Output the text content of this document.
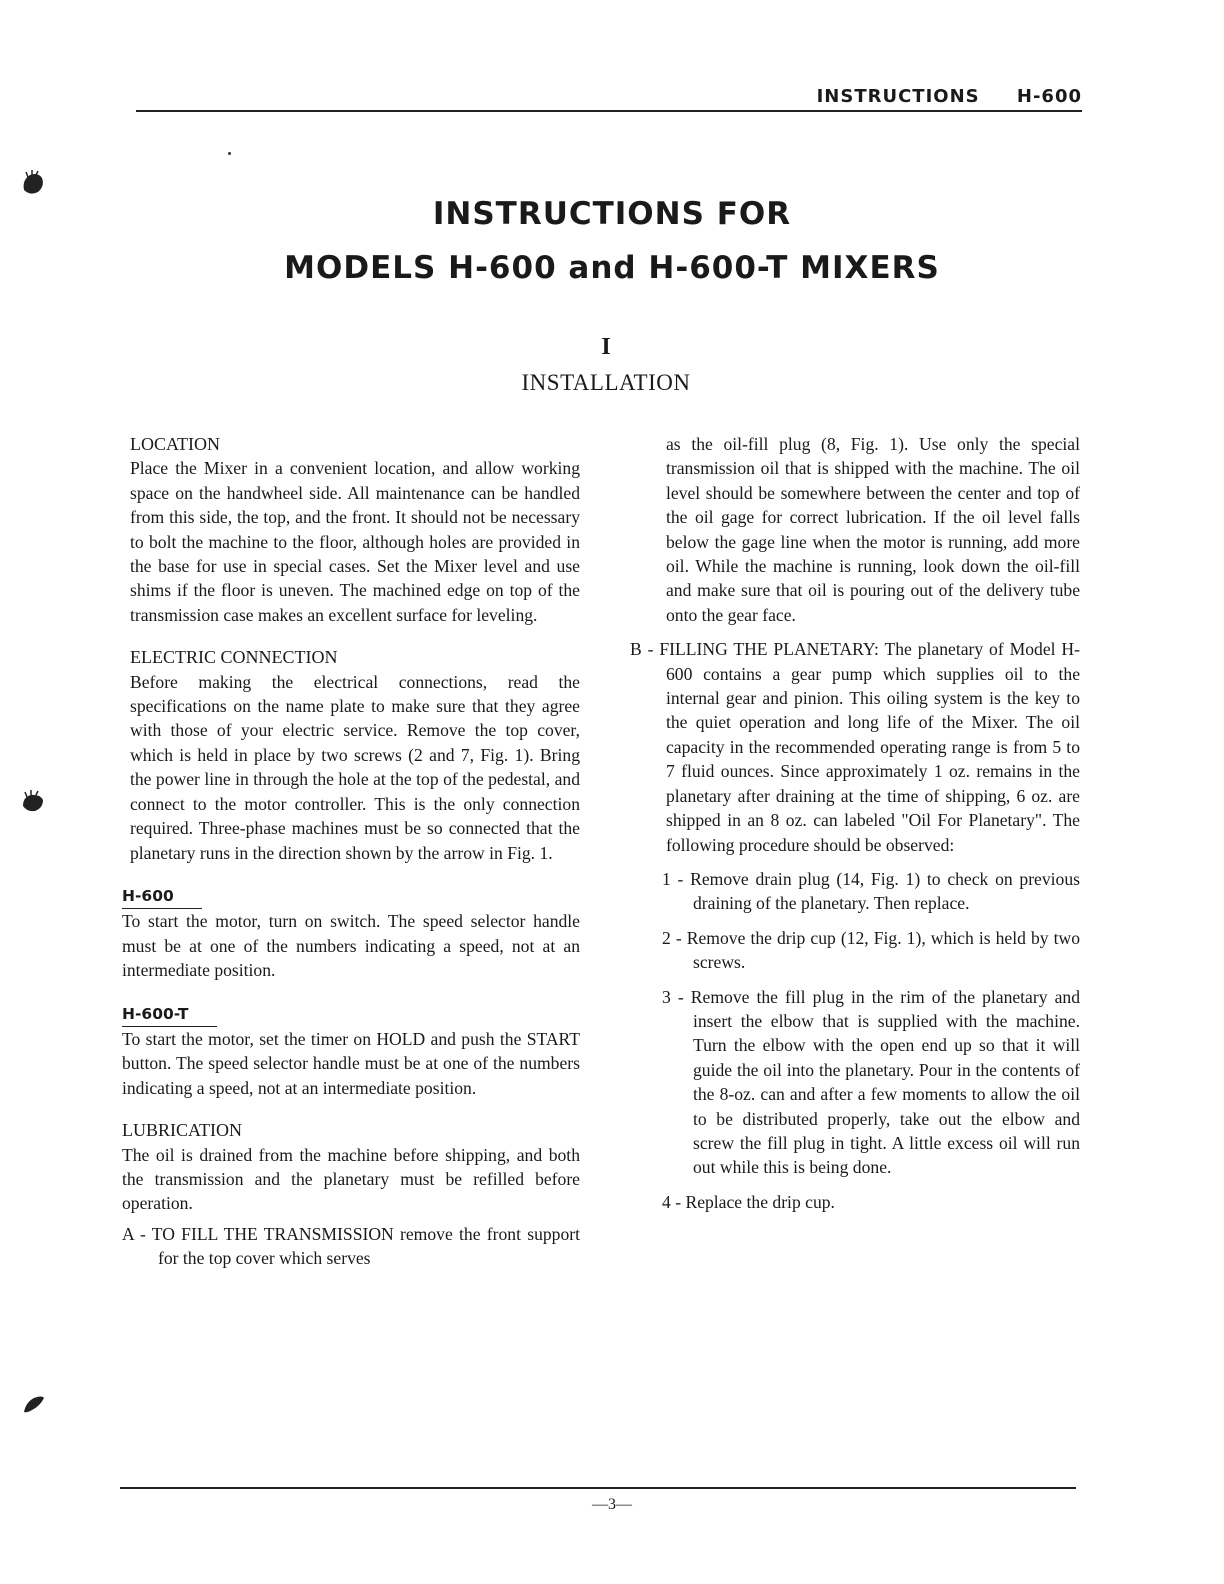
INSTRUCTIONS H-600
INSTRUCTIONS FOR
MODELS H-600 and H-600-T MIXERS
I
INSTALLATION

LOCATION

Place the Mixer in a convenient location, and allow working space on the handwheel side. All maintenance can be handled from this side, the top, and the front. It should not be necessary to bolt the machine to the floor, although holes are provided in the base for use in special cases. Set the Mixer level and use shims if the floor is uneven. The machined edge on top of the transmission case makes an excellent surface for leveling.

ELECTRIC CONNECTION

Before making the electrical connections, read the specifications on the name plate to make sure that they agree with those of your electric service. Remove the top cover, which is held in place by two screws (2 and 7, Fig. 1). Bring the power line in through the hole at the top of the pedestal, and connect to the motor controller. This is the only connection required. Three-phase machines must be so connected that the planetary runs in the direction shown by the arrow in Fig. 1.

H-600

To start the motor, turn on switch. The speed selector handle must be at one of the numbers indicating a speed, not at an intermediate position.

H-600-T

To start the motor, set the timer on HOLD and push the START button. The speed selector handle must be at one of the numbers indicating a speed, not at an intermediate position.

LUBRICATION

The oil is drained from the machine before shipping, and both the transmission and the planetary must be refilled before operation.

A - TO FILL THE TRANSMISSION remove the front support for the top cover which serves

as the oil-fill plug (8, Fig. 1). Use only the special transmission oil that is shipped with the machine. The oil level should be somewhere between the center and top of the oil gage for correct lubrication. If the oil level falls below the gage line when the motor is running, add more oil. While the machine is running, look down the oil-fill and make sure that oil is pouring out of the delivery tube onto the gear face.

B - FILLING THE PLANETARY: The planetary of Model H-600 contains a gear pump which supplies oil to the internal gear and pinion. This oiling system is the key to the quiet operation and long life of the Mixer. The oil capacity in the recommended operating range is from 5 to 7 fluid ounces. Since approximately 1 oz. remains in the planetary after draining at the time of shipping, 6 oz. are shipped in an 8 oz. can labeled "Oil For Planetary". The following procedure should be observed:

1 - Remove drain plug (14, Fig. 1) to check on previous draining of the planetary. Then replace.

2 - Remove the drip cup (12, Fig. 1), which is held by two screws.

3 - Remove the fill plug in the rim of the planetary and insert the elbow that is supplied with the machine. Turn the elbow with the open end up so that it will guide the oil into the planetary. Pour in the contents of the 8-oz. can and after a few moments to allow the oil to be distributed properly, take out the elbow and screw the fill plug in tight. A little excess oil will run out while this is being done.

4 - Replace the drip cup.

—3—
